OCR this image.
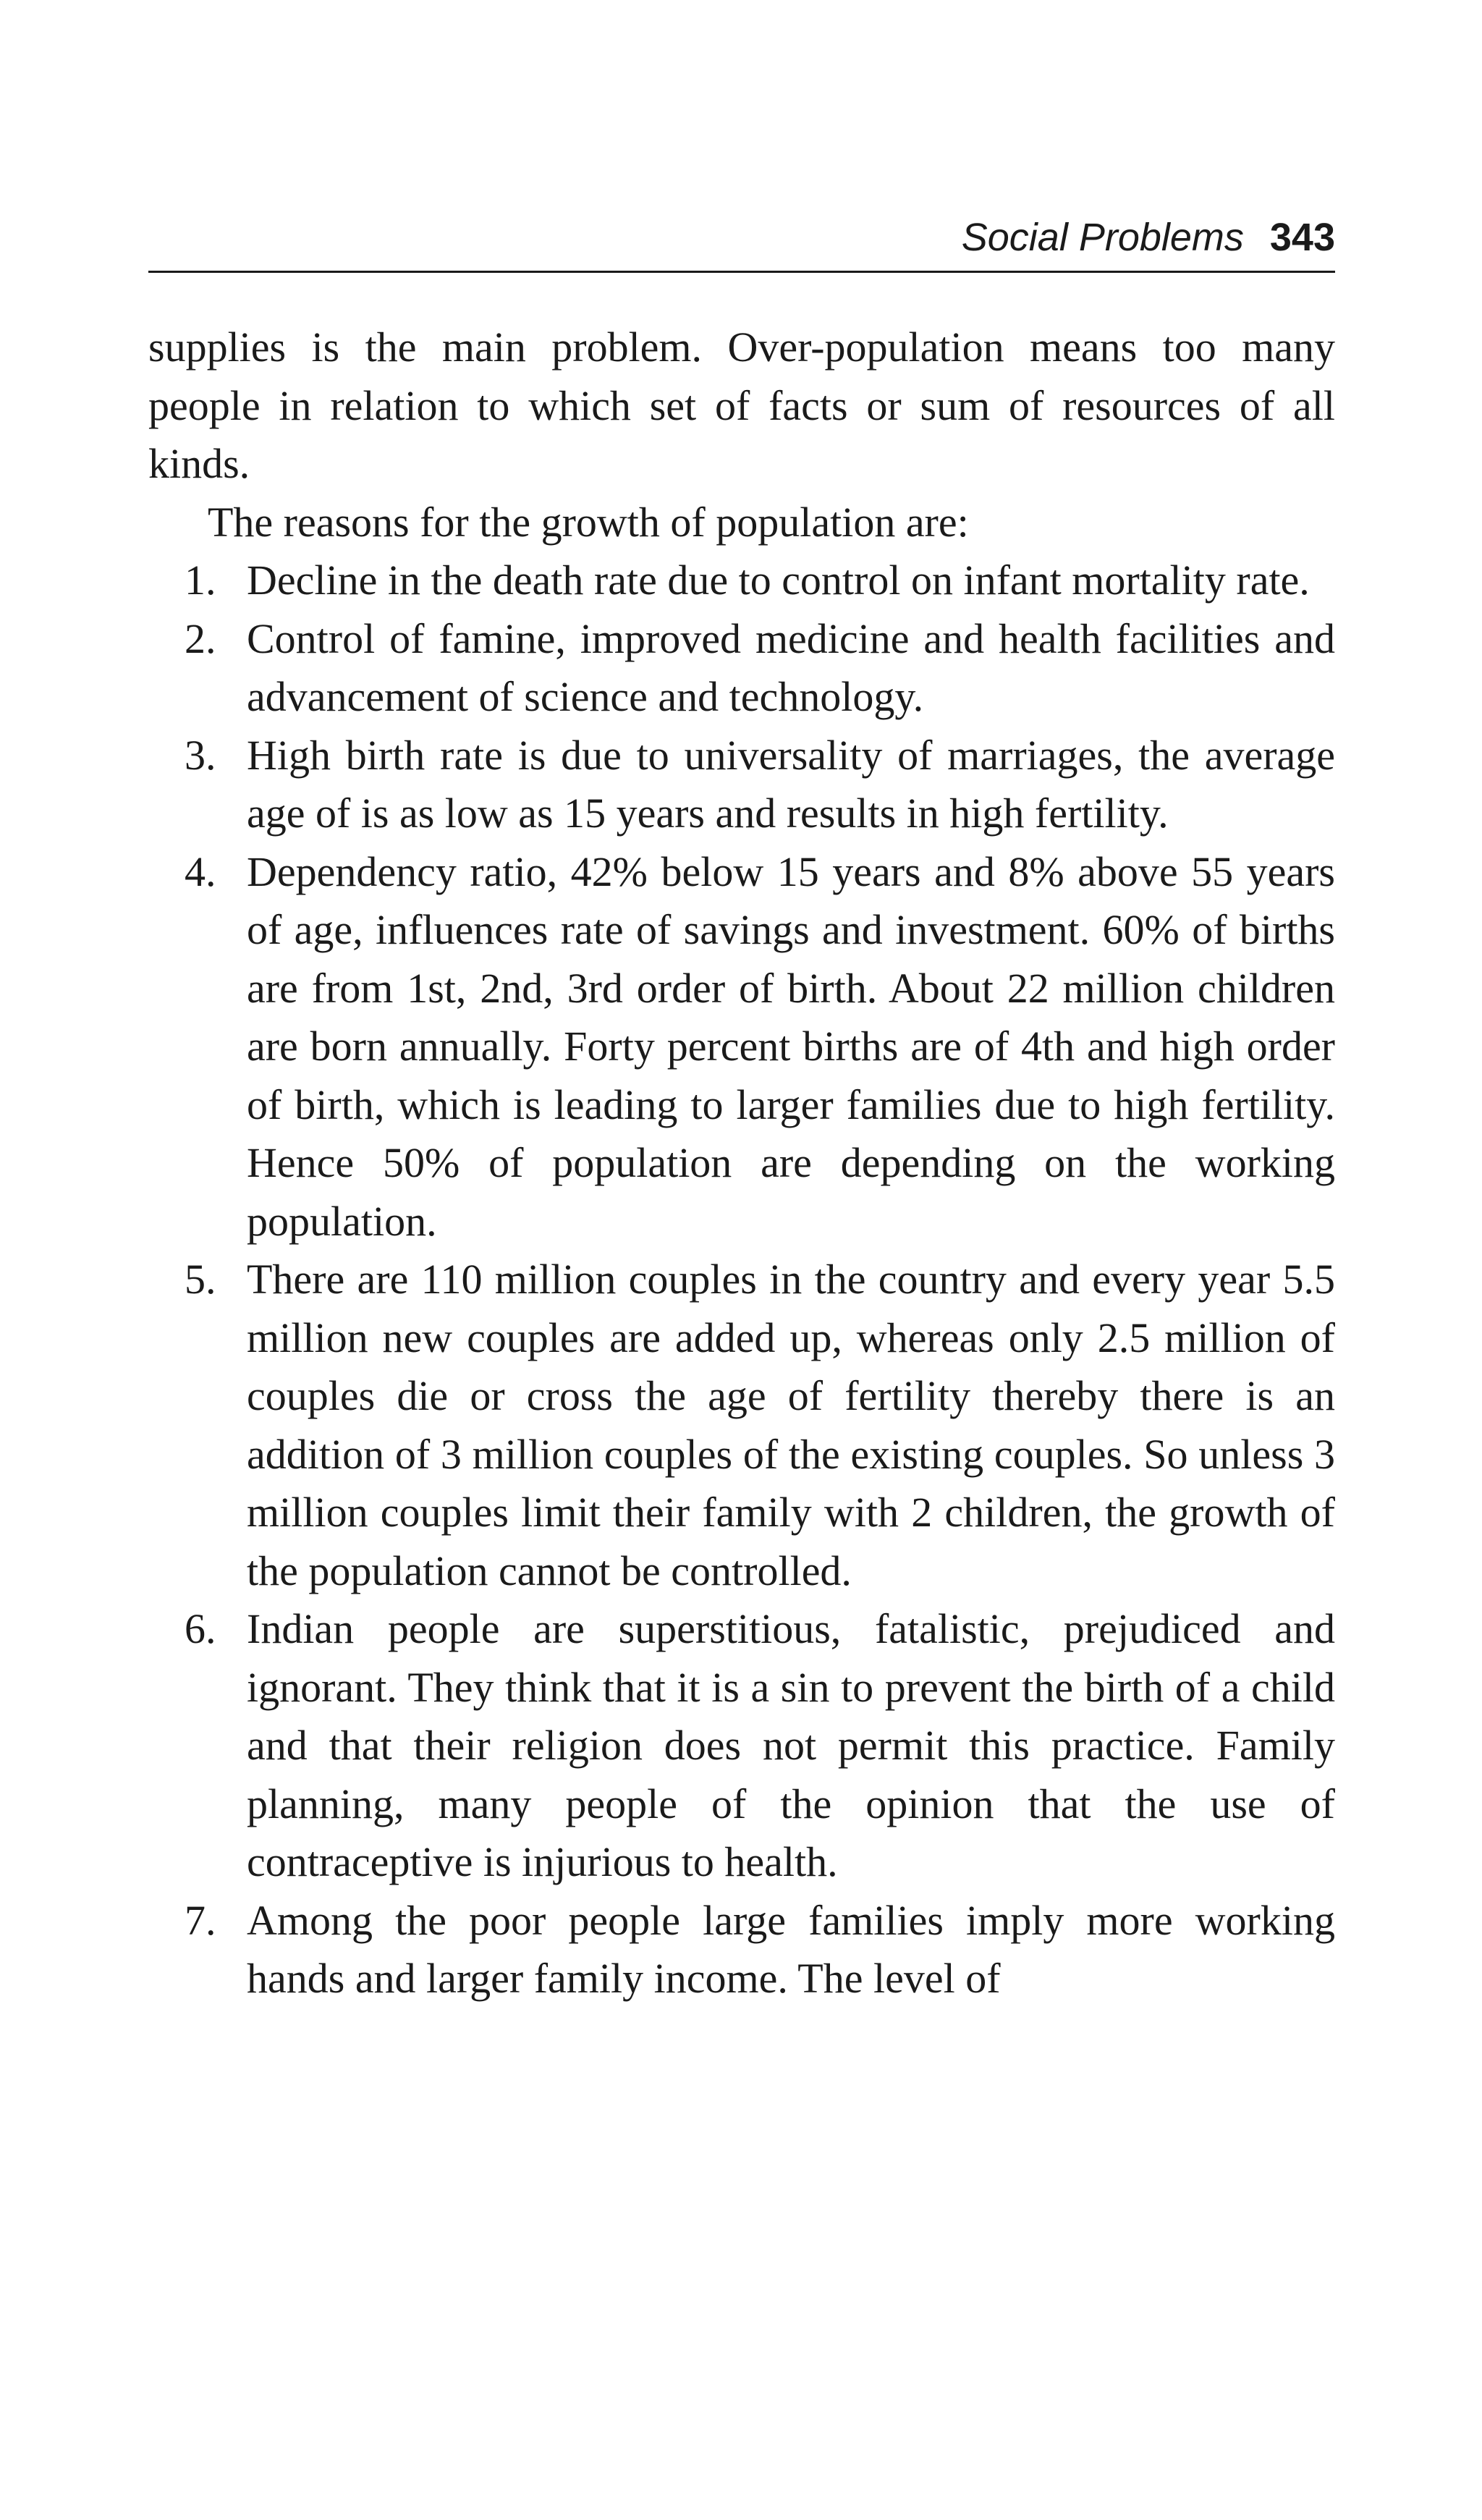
Social Problems 343

supplies is the main problem. Over-population means too many people in relation to which set of facts or sum of resources of all kinds.

The reasons for the growth of population are:

1. Decline in the death rate due to control on infant mortality rate.
2. Control of famine, improved medicine and health facilities and advancement of science and technology.
3. High birth rate is due to universality of marriages, the average age of is as low as 15 years and results in high fertility.
4. Dependency ratio, 42% below 15 years and 8% above 55 years of age, influences rate of savings and investment. 60% of births are from 1st, 2nd, 3rd order of birth. About 22 million children are born annually. Forty percent births are of 4th and high order of birth, which is leading to larger families due to high fertility. Hence 50% of population are depending on the working population.
5. There are 110 million couples in the country and every year 5.5 million new couples are added up, whereas only 2.5 million of couples die or cross the age of fertility thereby there is an addition of 3 million couples of the existing couples. So unless 3 million couples limit their family with 2 children, the growth of the population cannot be controlled.
6. Indian people are superstitious, fatalistic, prejudiced and ignorant. They think that it is a sin to prevent the birth of a child and that their religion does not permit this practice. Family planning, many people of the opinion that the use of contraceptive is injurious to health.
7. Among the poor people large families imply more working hands and larger family income. The level of
